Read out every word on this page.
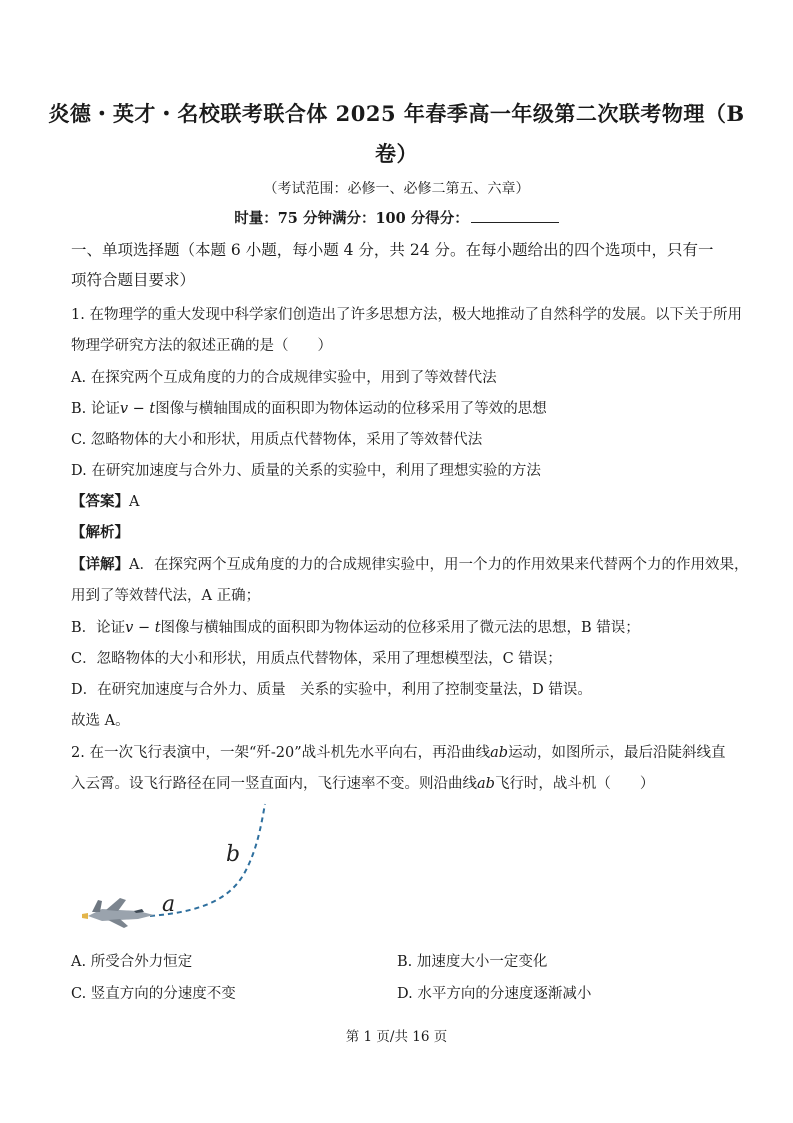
炎德・英才・名校联考联合体 2025 年春季高一年级第二次联考物理（B
卷）
（考试范围：必修一、必修二第五、六章）
时量：75 分钟满分：100 分得分：
一、单项选择题（本题 6 小题，每小题 4 分，共 24 分。在每小题给出的四个选项中，只有一
项符合题目要求）
1. 在物理学的重大发现中科学家们创造出了许多思想方法，极大地推动了自然科学的发展。以下关于所用
物理学研究方法的叙述正确的是（　　）
A. 在探究两个互成角度的力的合成规律实验中，用到了等效替代法
B. 论证v − t图像与横轴围成的面积即为物体运动的位移采用了等效的思想
C. 忽略物体的大小和形状，用质点代替物体，采用了等效替代法
D. 在研究加速度与合外力、质量的关系的实验中，利用了理想实验的方法
【答案】A
【解析】
【详解】A．在探究两个互成角度的力的合成规律实验中，用一个力的作用效果来代替两个力的作用效果，
用到了等效替代法，A 正确；
B．论证v − t图像与横轴围成的面积即为物体运动的位移采用了微元法的思想，B 错误；
C．忽略物体的大小和形状，用质点代替物体，采用了理想模型法，C 错误；
D．在研究加速度与合外力、质量　关系的实验中，利用了控制变量法，D 错误。
故选 A。
2. 在一次飞行表演中，一架“歼-20”战斗机先水平向右，再沿曲线ab运动，如图所示，最后沿陡斜线直
入云霄。设飞行路径在同一竖直面内，飞行速率不变。则沿曲线ab飞行时，战斗机（　　）
a
b
A. 所受合外力恒定	B. 加速度大小一定变化
C. 竖直方向的分速度不变	D. 水平方向的分速度逐渐减小
第 1 页/共 16 页
